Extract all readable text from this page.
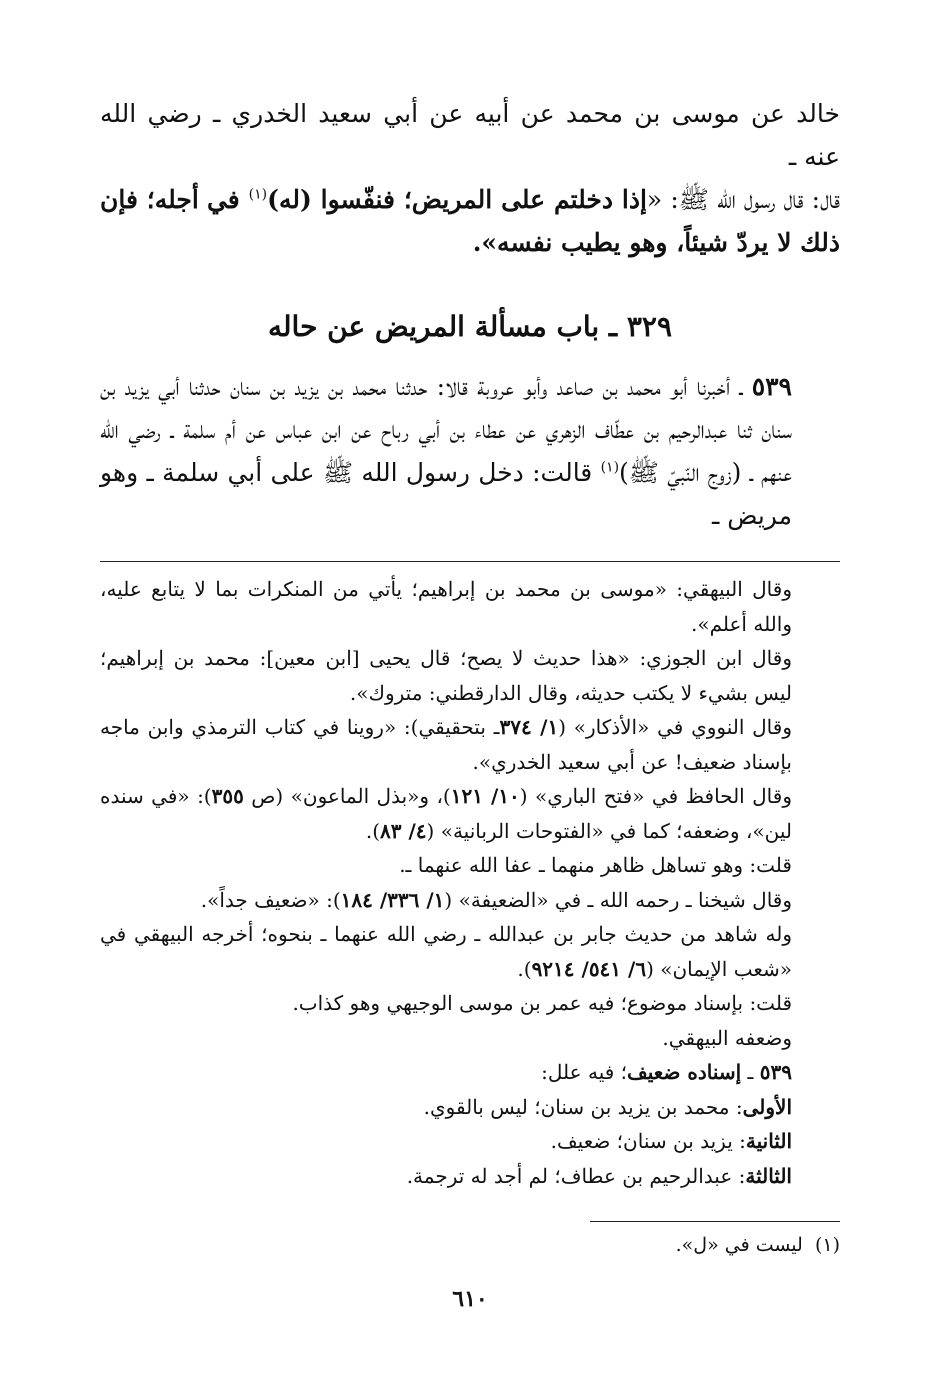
خالد عن موسى بن محمد عن أبيه عن أبي سعيد الخدري ـ رضي الله عنه ـ

قال: قال رسول الله ﷺ: «إذا دخلتم على المريض؛ فنفّسوا (له)$^{(١)}$ في أجله؛ فإن ذلك لا يردّ شيئاً، وهو يطيب نفسه».

٣٢٩ ـ باب مسألة المريض عن حاله

٥٣٩ ـ أخبرنا أبو محمد بن صاعد وأبو عروبة قالا: حدثنا محمد بن يزيد بن سنان حدثنا أبي يزيد بن سنان ثنا عبدالرحيم بن عطّاف الزهري عن عطاء بن أبي رباح عن ابن عباس عن أم سلمة ـ رضي الله عنهم ـ (زوج النّبيّ ﷺ)$^{(١)}$ قالت: دخل رسول الله ﷺ على أبي سلمة ـ وهو مريض ـ

وقال البيهقي: «موسى بن محمد بن إبراهيم؛ يأتي من المنكرات بما لا يتابع عليه، والله أعلم».

وقال ابن الجوزي: «هذا حديث لا يصح؛ قال يحيى [ابن معين]: محمد بن إبراهيم؛ ليس بشيء لا يكتب حديثه، وقال الدارقطني: متروك».

وقال النووي في «الأذكار» (١/ ٣٧٤ـ بتحقيقي): «روينا في كتاب الترمذي وابن ماجه بإسناد ضعيف! عن أبي سعيد الخدري».

وقال الحافظ في «فتح الباري» (١٠/ ١٢١)، و«بذل الماعون» (ص ٣٥٥): «في سنده لين»، وضعفه؛ كما في «الفتوحات الربانية» (٤/ ٨٣).

قلت: وهو تساهل ظاهر منهما ـ عفا الله عنهما ـ.

وقال شيخنا ـ رحمه الله ـ في «الضعيفة» (١/ ٣٣٦/ ١٨٤): «ضعيف جداً».

وله شاهد من حديث جابر بن عبدالله ـ رضي الله عنهما ـ بنحوه؛ أخرجه البيهقي في «شعب الإيمان» (٦/ ٥٤١/ ٩٢١٤).

قلت: بإسناد موضوع؛ فيه عمر بن موسى الوجيهي وهو كذاب.

وضعفه البيهقي.

٥٣٩ ـ إسناده ضعيف؛ فيه علل:

الأولى: محمد بن يزيد بن سنان؛ ليس بالقوي.

الثانية: يزيد بن سنان؛ ضعيف.

الثالثة: عبدالرحيم بن عطاف؛ لم أجد له ترجمة.

(١)  ليست في «ل».
٦١٠
